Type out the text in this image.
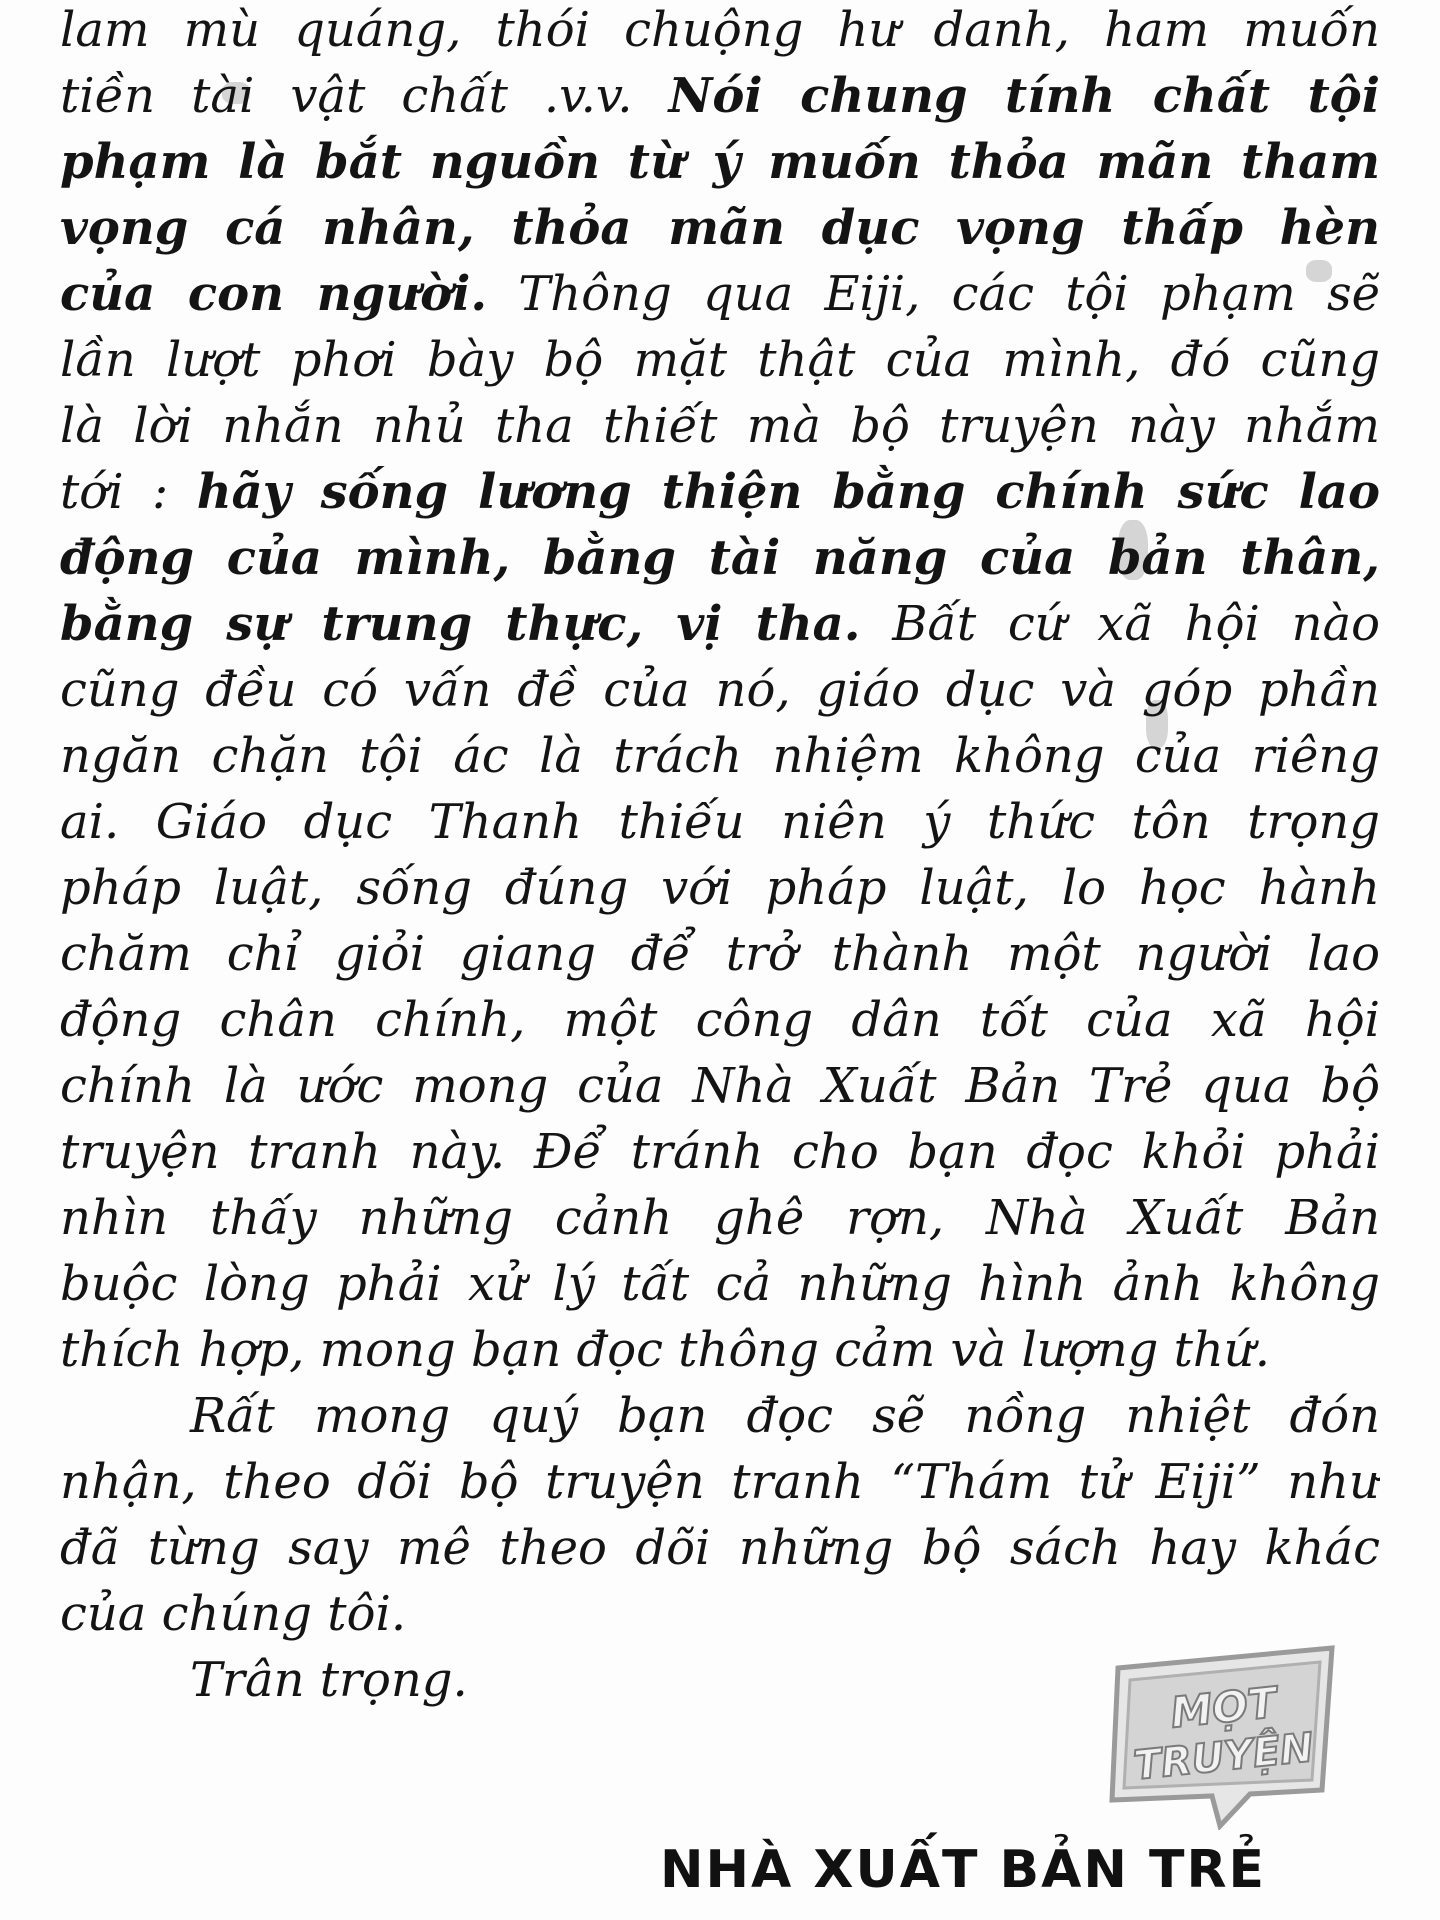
lam mù quáng, thói chuộng hư danh, ham muốn
tiền tài vật chất .v.v. Nói chung tính chất tội
phạm là bắt nguồn từ ý muốn thỏa mãn tham
vọng cá nhân, thỏa mãn dục vọng thấp hèn
của con người. Thông qua Eiji, các tội phạm sẽ
lần lượt phơi bày bộ mặt thật của mình, đó cũng
là lời nhắn nhủ tha thiết mà bộ truyện này nhắm
tới : hãy sống lương thiện bằng chính sức lao
động của mình, bằng tài năng của bản thân,
bằng sự trung thực, vị tha. Bất cứ xã hội nào
cũng đều có vấn đề của nó, giáo dục và góp phần
ngăn chặn tội ác là trách nhiệm không của riêng
ai. Giáo dục Thanh thiếu niên ý thức tôn trọng
pháp luật, sống đúng với pháp luật, lo học hành
chăm chỉ giỏi giang để trở thành một người lao
động chân chính, một công dân tốt của xã hội
chính là ước mong của Nhà Xuất Bản Trẻ qua bộ
truyện tranh này. Để tránh cho bạn đọc khỏi phải
nhìn thấy những cảnh ghê rợn, Nhà Xuất Bản
buộc lòng phải xử lý tất cả những hình ảnh không
thích hợp, mong bạn đọc thông cảm và lượng thứ.
Rất mong quý bạn đọc sẽ nồng nhiệt đón
nhận, theo dõi bộ truyện tranh “Thám tử Eiji” như
đã từng say mê theo dõi những bộ sách hay khác
của chúng tôi.
Trân trọng.	MỌT
TRUYỆN
NHÀ XUẤT BẢN TRẺ
